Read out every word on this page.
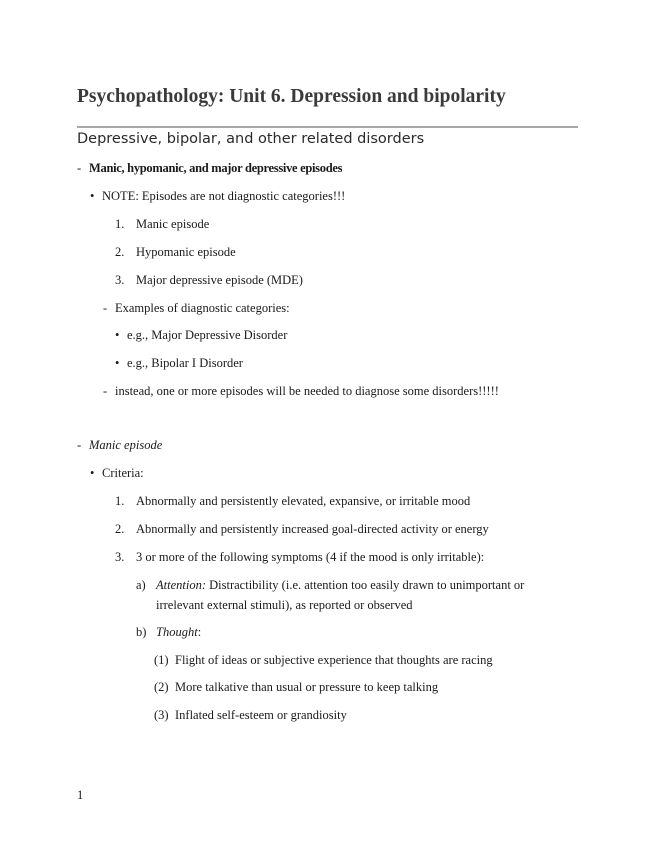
Psychopathology: Unit 6. Depression and bipolarity
Depressive, bipolar, and other related disorders
- Manic, hypomanic, and major depressive episodes
• NOTE: Episodes are not diagnostic categories!!!
1. Manic episode
2. Hypomanic episode
3. Major depressive episode (MDE)
- Examples of diagnostic categories:
• e.g., Major Depressive Disorder
• e.g., Bipolar I Disorder
- instead, one or more episodes will be needed to diagnose some disorders!!!!!
- Manic episode
• Criteria:
1. Abnormally and persistently elevated, expansive, or irritable mood
2. Abnormally and persistently increased goal-directed activity or energy
3. 3 or more of the following symptoms (4 if the mood is only irritable):
a) Attention: Distractibility (i.e. attention too easily drawn to unimportant or
irrelevant external stimuli), as reported or observed
b) Thought:
(1) Flight of ideas or subjective experience that thoughts are racing
(2) More talkative than usual or pressure to keep talking
(3) Inflated self-esteem or grandiosity
1
